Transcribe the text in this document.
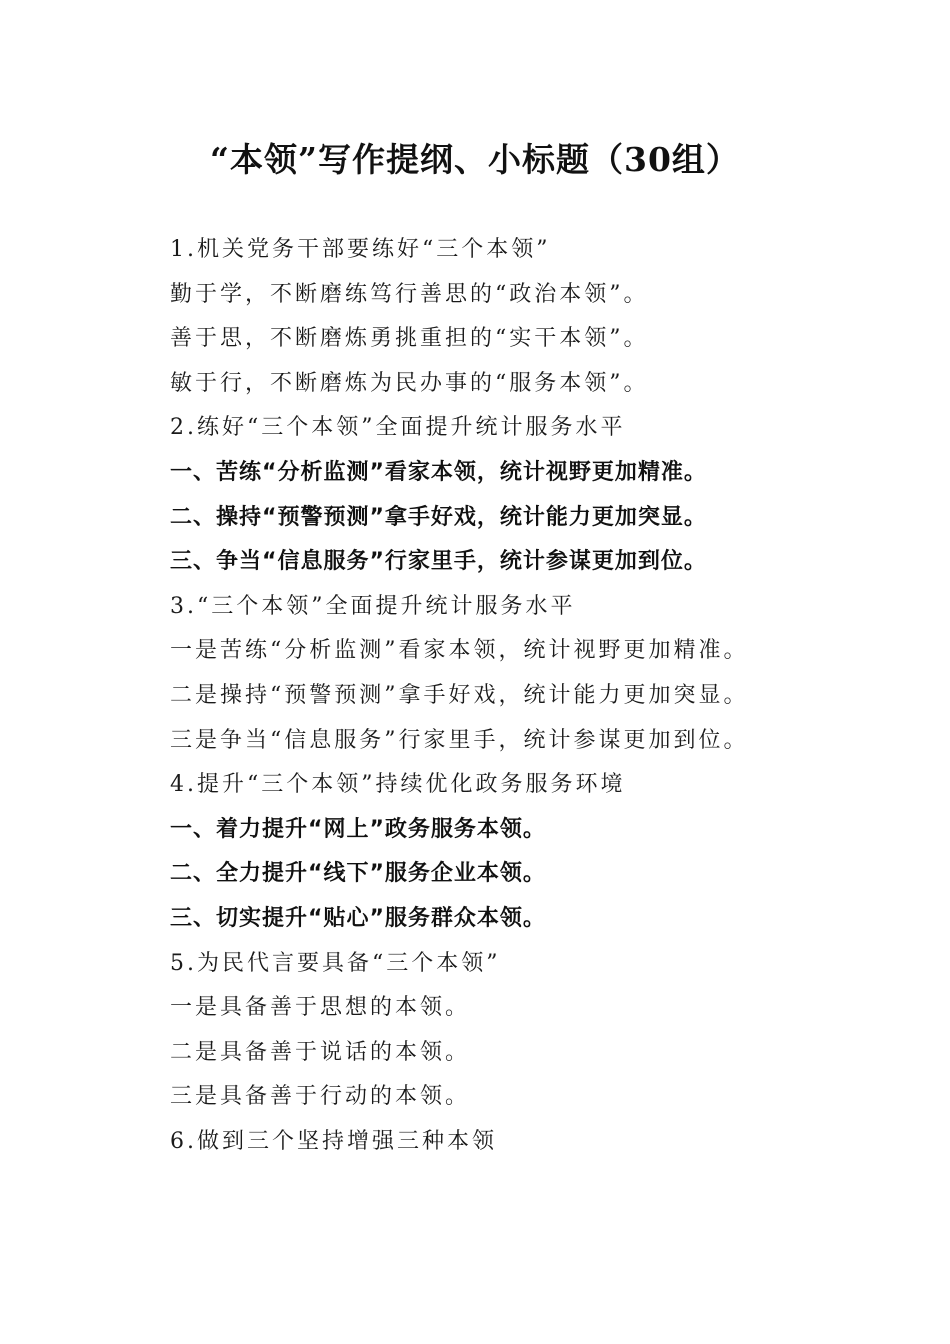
“本领”写作提纲、小标题（30组）
1.机关党务干部要练好“三个本领”
勤于学，不断磨练笃行善思的“政治本领”。
善于思，不断磨炼勇挑重担的“实干本领”。
敏于行，不断磨炼为民办事的“服务本领”。
2.练好“三个本领”全面提升统计服务水平
一、苦练“分析监测”看家本领，统计视野更加精准。
二、操持“预警预测”拿手好戏，统计能力更加突显。
三、争当“信息服务”行家里手，统计参谋更加到位。
3.“三个本领”全面提升统计服务水平
一是苦练“分析监测”看家本领，统计视野更加精准。
二是操持“预警预测”拿手好戏，统计能力更加突显。
三是争当“信息服务”行家里手，统计参谋更加到位。
4.提升“三个本领”持续优化政务服务环境
一、着力提升“网上”政务服务本领。
二、全力提升“线下”服务企业本领。
三、切实提升“贴心”服务群众本领。
5.为民代言要具备“三个本领”
一是具备善于思想的本领。
二是具备善于说话的本领。
三是具备善于行动的本领。
6.做到三个坚持增强三种本领
